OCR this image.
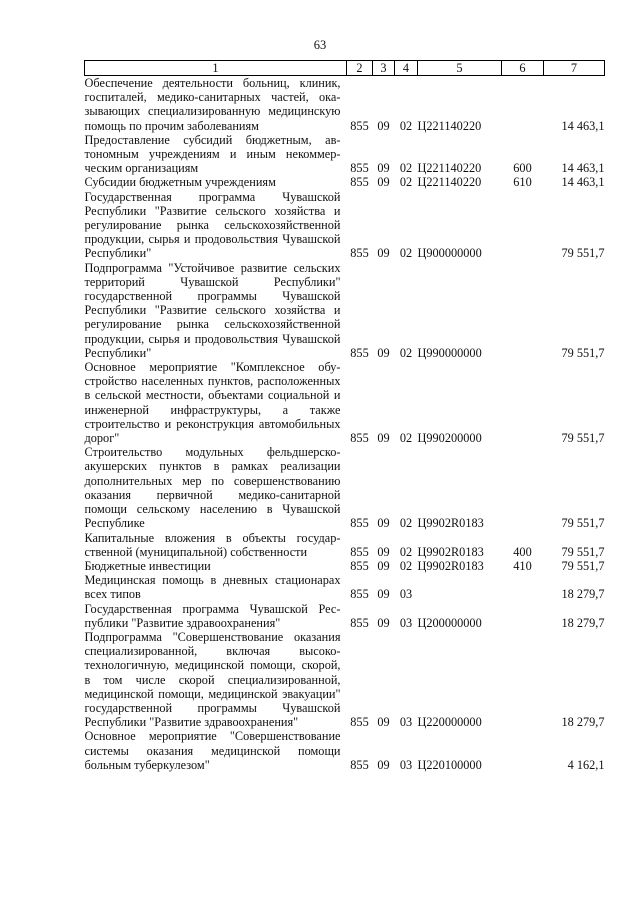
63
1	2	3	4	5	6	7
Обеспечение деятельности больниц, клиник, госпиталей, медико-санитарных частей, оказывающих специализированную медицинскую помощь по прочим заболеваниям	855	09	02	Ц221140220		14 463,1
Предоставление субсидий бюджетным, автономным учреждениям и иным некоммерческим организациям	855	09	02	Ц221140220	600	14 463,1
Субсидии бюджетным учреждениям	855	09	02	Ц221140220	610	14 463,1
Государственная программа Чувашской Республики "Развитие сельского хозяйства и регулирование рынка сельскохозяйственной продукции, сырья и продовольствия Чувашской Республики"	855	09	02	Ц900000000		79 551,7
Подпрограмма "Устойчивое развитие сельских территорий Чувашской Республики" государственной программы Чувашской Республики "Развитие сельского хозяйства и регулирование рынка сельскохозяйственной продукции, сырья и продовольствия Чувашской Республики"	855	09	02	Ц990000000		79 551,7
Основное мероприятие "Комплексное обустройство населенных пунктов, расположенных в сельской местности, объектами социальной и инженерной инфраструктуры, а также строительство и реконструкция автомобильных дорог"	855	09	02	Ц990200000		79 551,7
Строительство модульных фельдшерско-акушерских пунктов в рамках реализации дополнительных мер по совершенствованию оказания первичной медико-санитарной помощи сельскому населению в Чувашской Республике	855	09	02	Ц9902R0183		79 551,7
Капитальные вложения в объекты государственной (муниципальной) собственности	855	09	02	Ц9902R0183	400	79 551,7
Бюджетные инвестиции	855	09	02	Ц9902R0183	410	79 551,7
Медицинская помощь в дневных стационарах всех типов	855	09	03			18 279,7
Государственная программа Чувашской Республики "Развитие здравоохранения"	855	09	03	Ц200000000		18 279,7
Подпрограмма "Совершенствование оказания специализированной, включая высокотехнологичную, медицинской помощи, скорой, в том числе скорой специализированной, медицинской помощи, медицинской эвакуации" государственной программы Чувашской Республики "Развитие здравоохранения"	855	09	03	Ц220000000		18 279,7
Основное мероприятие "Совершенствование системы оказания медицинской помощи больным туберкулезом"	855	09	03	Ц220100000		4 162,1
